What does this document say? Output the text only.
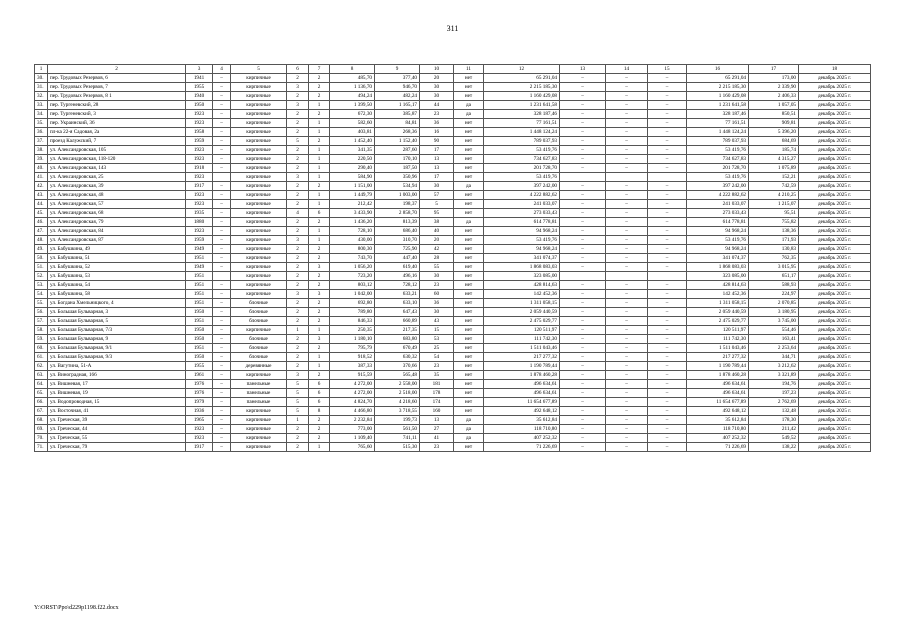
311
1	2	3	4	5	6	7	8	9	10	11	12	13	14	15	16	17	18
30.	пер. Трудовых Резервов, 6	1941	–	кирпичные	2	2	485,70	377,40	20	нет	65 291,04	–	–	–	65 291,04	173,00	декабрь 2025 г.
31.	пер. Трудовых Резервов, 7	1955	–	кирпичные	3	2	1 136,70	946,70	30	нет	2 215 185,30	–	–	–	2 215 185,30	2 339,90	декабрь 2025 г.
32.	пер. Трудовых Резервов, 8 1	1940	–	кирпичные	2	2	494,24	482,24	30	нет	1 160 429,08	–	–	–	1 160 429,08	2 406,33	декабрь 2025 г.
33.	пер. Тургеневский, 28	1950	–	кирпичные	3	1	1 399,50	1 165,17	44	да	1 231 641,58	–	–	–	1 231 641,58	1 057,05	декабрь 2025 г.
34.	пер. Тургеневский, 3	1923	–	кирпичные	2	2	672,30	385,87	23	да	328 187,46	–	–	–	328 187,46	850,51	декабрь 2025 г.
35.	пер. Украинский, 36	1923	–	кирпичные	2	1	582,60	84,81	36	нет	77 161,51	–	–	–	77 161,51	909,81	декабрь 2025 г.
36.	пл-ка 22-я Садовая, 2а	1958	–	кирпичные	2	1	403,81	268,36	16	нет	1 448 124,24	–	–	–	1 448 124,24	5 396,20	декабрь 2025 г.
37.	проезд Калужский, 7	1959	–	кирпичные	5	2	1 452,40	1 152,40	90	нет	789 037,93	–	–	–	789 037,93	684,69	декабрь 2025 г.
38.	ул. Александровская, 105	1923	–	кирпичные	2	1	341,35	287,60	17	нет	53 419,76	–	–	–	53 419,76	185,74	декабрь 2025 г.
39.	ул. Александровская, 118-120	1923	–	кирпичные	2	1	220,50	170,10	13	нет	734 627,83	–	–	–	734 627,83	4 315,27	декабрь 2025 г.
40.	ул. Александровская, 143	1918	–	кирпичные	2	1	290,40	187,50	13	нет	201 728,70	–	–	–	201 728,70	1 075,89	декабрь 2025 г.
41.	ул. Александровская, 25	1923		кирпичные	3	1	584,90	350,96	17	нет	53 419,76				53 419,76	152,21	декабрь 2025 г.
42.	ул. Александровская, 39	1917	–	кирпичные	2	2	1 151,00	534,94	30	да	397 242,00	–	–	–	397 242,00	742,59	декабрь 2025 г.
43.	ул. Александровская, 48	1923	–	кирпичные	2	1	1 449,79	1 003,00	57	нет	4 222 882,62	–	–	–	4 222 882,62	4 210,25	декабрь 2025 г.
44.	ул. Александровская, 57	1923	–	кирпичные	2	1	212,42	198,37	5	нет	241 033,07	–	–	–	241 033,07	1 215,07	декабрь 2025 г.
45.	ул. Александровская, 68	1935	–	кирпичные	4	6	3 433,90	2 858,70	95	нет	273 033,43	–	–	–	273 033,43	95,51	декабрь 2025 г.
46.	ул. Александровская, 79	1880	–	кирпичные	2	2	1 436,20	813,39	38	да	614 778,81	–	–	–	614 778,81	755,82	декабрь 2025 г.
47.	ул. Александровская, 84	1923	–	кирпичные	2	1	728,10	686,40	40	нет	94 968,24	–	–	–	94 968,24	138,36	декабрь 2025 г.
48.	ул. Александровская, 87	1959	–	кирпичные	3	1	430,00	310,70	20	нет	53 419,76	–	–	–	53 419,76	171,93	декабрь 2025 г.
49.	ул. Бабушкина, 49	1949	–	кирпичные	2	2	800,30	725,90	42	нет	94 968,24	–	–	–	94 968,24	130,83	декабрь 2025 г.
50.	ул. Бабушкина, 51	1951	–	кирпичные	2	2	743,70	447,40	28	нет	341 074,37	–	–	–	341 074,37	762,35	декабрь 2025 г.
51.	ул. Бабушкина, 52	1949	–	кирпичные	2	3	1 056,20	619,40	55	нет	1 868 083,03	–	–	–	1 868 083,03	3 015,95	декабрь 2025 г.
52.	ул. Бабушкина, 53	1951		кирпичные	2	2	723,20	496,16	30	нет	323 085,00				323 085,00	651,17	декабрь 2025 г.
53.	ул. Бабушкина, 54	1951	–	кирпичные	2	2	803,12	728,12	23	нет	428 814,63	–	–	–	428 814,63	588,93	декабрь 2025 г.
54.	ул. Бабушкина, 58	1951	–	кирпичные	3	3	1 042,00	633,21	60	нет	142 452,36	–	–	–	142 452,36	224,97	декабрь 2025 г.
55.	ул. Богдана Хмельницкого, 4	1951	–	блочные	2	2	692,80	633,10	36	нет	1 311 058,15	–	–	–	1 311 058,15	2 070,85	декабрь 2025 г.
56.	ул. Большая Бульварная, 3	1950	–	блочные	2	2	789,80	647,43	30	нет	2 059 440,59	–	–	–	2 059 440,59	3 180,95	декабрь 2025 г.
57.	ул. Большая Бульварная, 5	1951	–	блочные	2	2	846,33	660,89	43	нет	2 475 029,77	–	–	–	2 475 029,77	3 745,00	декабрь 2025 г.
58.	ул. Большая Бульварная, 7/3	1950	–	кирпичные	1	1	250,35	217,35	15	нет	120 511,97	–	–	–	120 511,97	554,46	декабрь 2025 г.
59.	ул. Большая Бульварная, 9	1950	–	блочные	2	3	1 180,10	683,80	53	нет	111 742,30	–	–	–	111 742,30	163,41	декабрь 2025 г.
60.	ул. Большая Бульварная, 9/1	1951	–	блочные	2	2	795,79	670,49	25	нет	1 511 043,46	–	–	–	1 511 043,46	2 253,64	декабрь 2025 г.
61.	ул. Большая Бульварная, 9/3	1950	–	блочные	2	1	918,52	630,32	54	нет	217 277,32	–	–	–	217 277,32	344,71	декабрь 2025 г.
62.	ул. Вагутина, 51-А	1955	–	деревянные	2	1	387,33	370,66	23	нет	1 190 789,44	–	–	–	1 190 789,44	3 212,62	декабрь 2025 г.
63.	ул. Виноградная, 166	1961	–	кирпичные	3	2	915,59	565,48	35	нет	1 878 460,28	–	–	–	1 878 460,28	3 321,89	декабрь 2025 г.
64.	ул. Вишневая, 17	1976	–	панельные	5	6	4 272,00	2 558,00	181	нет	496 634,61	–	–	–	496 634,61	194,76	декабрь 2025 г.
65.	ул. Вишневая, 19	1976	–	панельные	5	6	4 272,00	2 518,00	178	нет	496 634,61	–	–	–	496 634,61	197,23	декабрь 2025 г.
66.	ул. Водопроводная, 15	1979	–	панельные	5	6	4 824,70	4 218,60	174	нет	11 654 677,89	–	–	–	11 654 677,89	2 762,69	декабрь 2025 г.
67.	ул. Восточная, 41	1936	–	кирпичные	5	8	4 466,80	3 718,55	160	нет	492 648,12	–	–	–	492 648,12	132,48	декабрь 2025 г.
68.	ул. Греческая, 39	1965	–	кирпичные	1	2	2 232,84	199,73	13	да	35 612,84	–	–	–	35 612,84	178,30	декабрь 2025 г.
69.	ул. Греческая, 44	1923	–	кирпичные	2	2	773,00	561,50	27	да	118 710,80	–	–	–	118 710,80	211,42	декабрь 2025 г.
70.	ул. Греческая, 55	1923	–	кирпичные	2	2	1 109,40	741,11	41	да	407 252,32	–	–	–	407 252,32	549,52	декабрь 2025 г.
71.	ул. Греческая, 79	1917	–	кирпичные	2	1	765,60	515,30	23	нет	71 226,69	–	–	–	71 226,69	138,22	декабрь 2025 г.
Y:\ORST\Ppo\d229p1198.f22.docx
